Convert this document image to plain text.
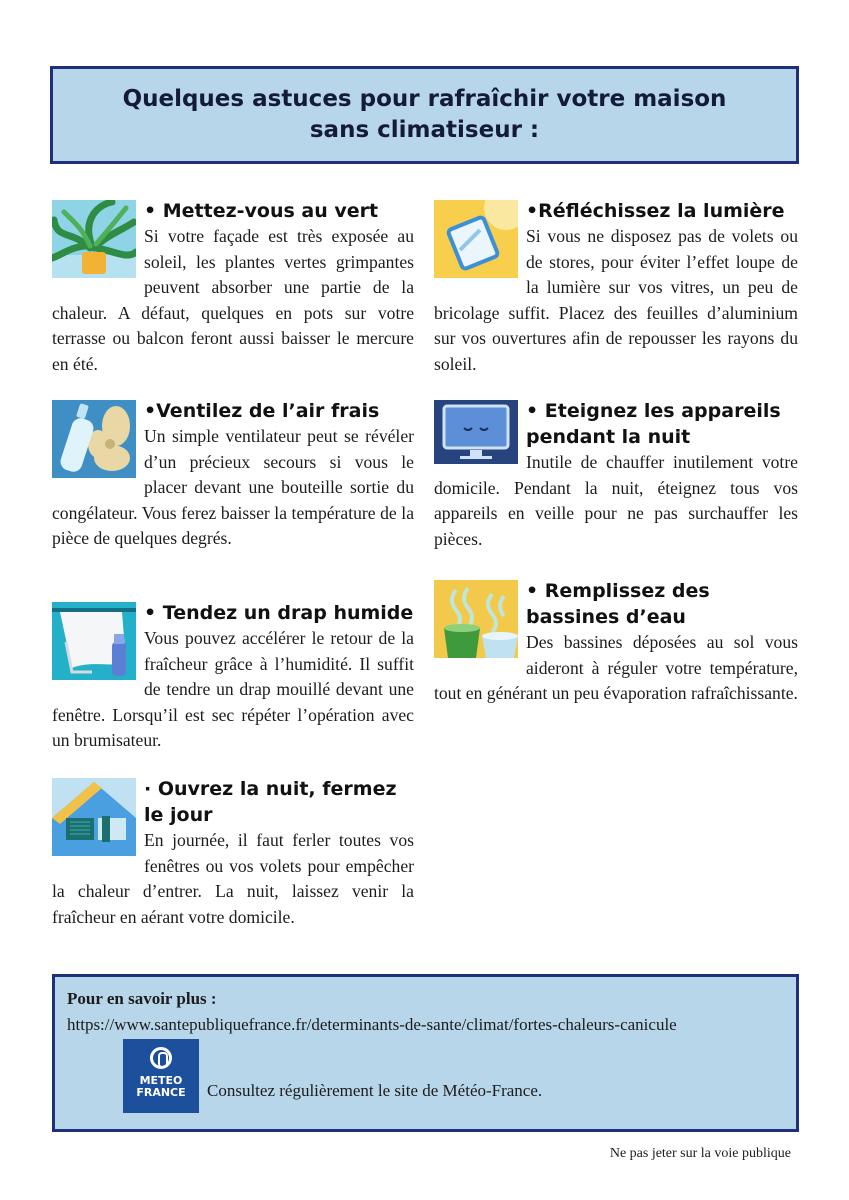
Quelques astuces pour rafraîchir votre maison sans climatiseur :
• Mettez-vous au vert

Si votre façade est très exposée au soleil, les plantes vertes grimpantes peuvent absorber une partie de la chaleur. A défaut, quelques en pots sur votre terrasse ou balcon feront aussi baisser le mercure en été.

•Ventilez de l’air frais

Un simple ventilateur peut se révéler d’un précieux secours si vous le placer devant une bouteille sortie du congélateur. Vous ferez baisser la température de la pièce de quelques degrés.

• Tendez un drap humide

Vous pouvez accélérer le retour de la fraîcheur grâce à l’humidité. Il suffit de tendre un drap mouillé devant une fenêtre. Lorsqu’il est sec répéter l’opération avec un brumisateur.

· Ouvrez la nuit, fermez le jour

En journée, il faut ferler toutes vos fenêtres ou vos volets pour empêcher la chaleur d’entrer. La nuit, laissez venir la fraîcheur en aérant votre domicile.

•Réfléchissez la lumière

Si vous ne disposez pas de volets ou de stores, pour éviter l’effet loupe de la lumière sur vos vitres, un peu de bricolage suffit. Placez des feuilles d’aluminium sur vos ouvertures afin de repousser les rayons du soleil.

• Eteignez les appareils pendant la nuit

Inutile de chauffer inutilement votre domicile. Pendant la nuit, éteignez tous vos appareils en veille pour ne pas surchauffer les pièces.

• Remplissez des bassines d’eau

Des bassines déposées au sol vous aideront à réguler votre température, tout en générant un peu évaporation rafraîchissante.

Pour en savoir plus :
https://www.santepubliquefrance.fr/determinants-de-sante/climat/fortes-chaleurs-canicule
METEO
FRANCE	Consultez régulièrement le site de Météo-France.
Ne pas jeter sur la voie publique
